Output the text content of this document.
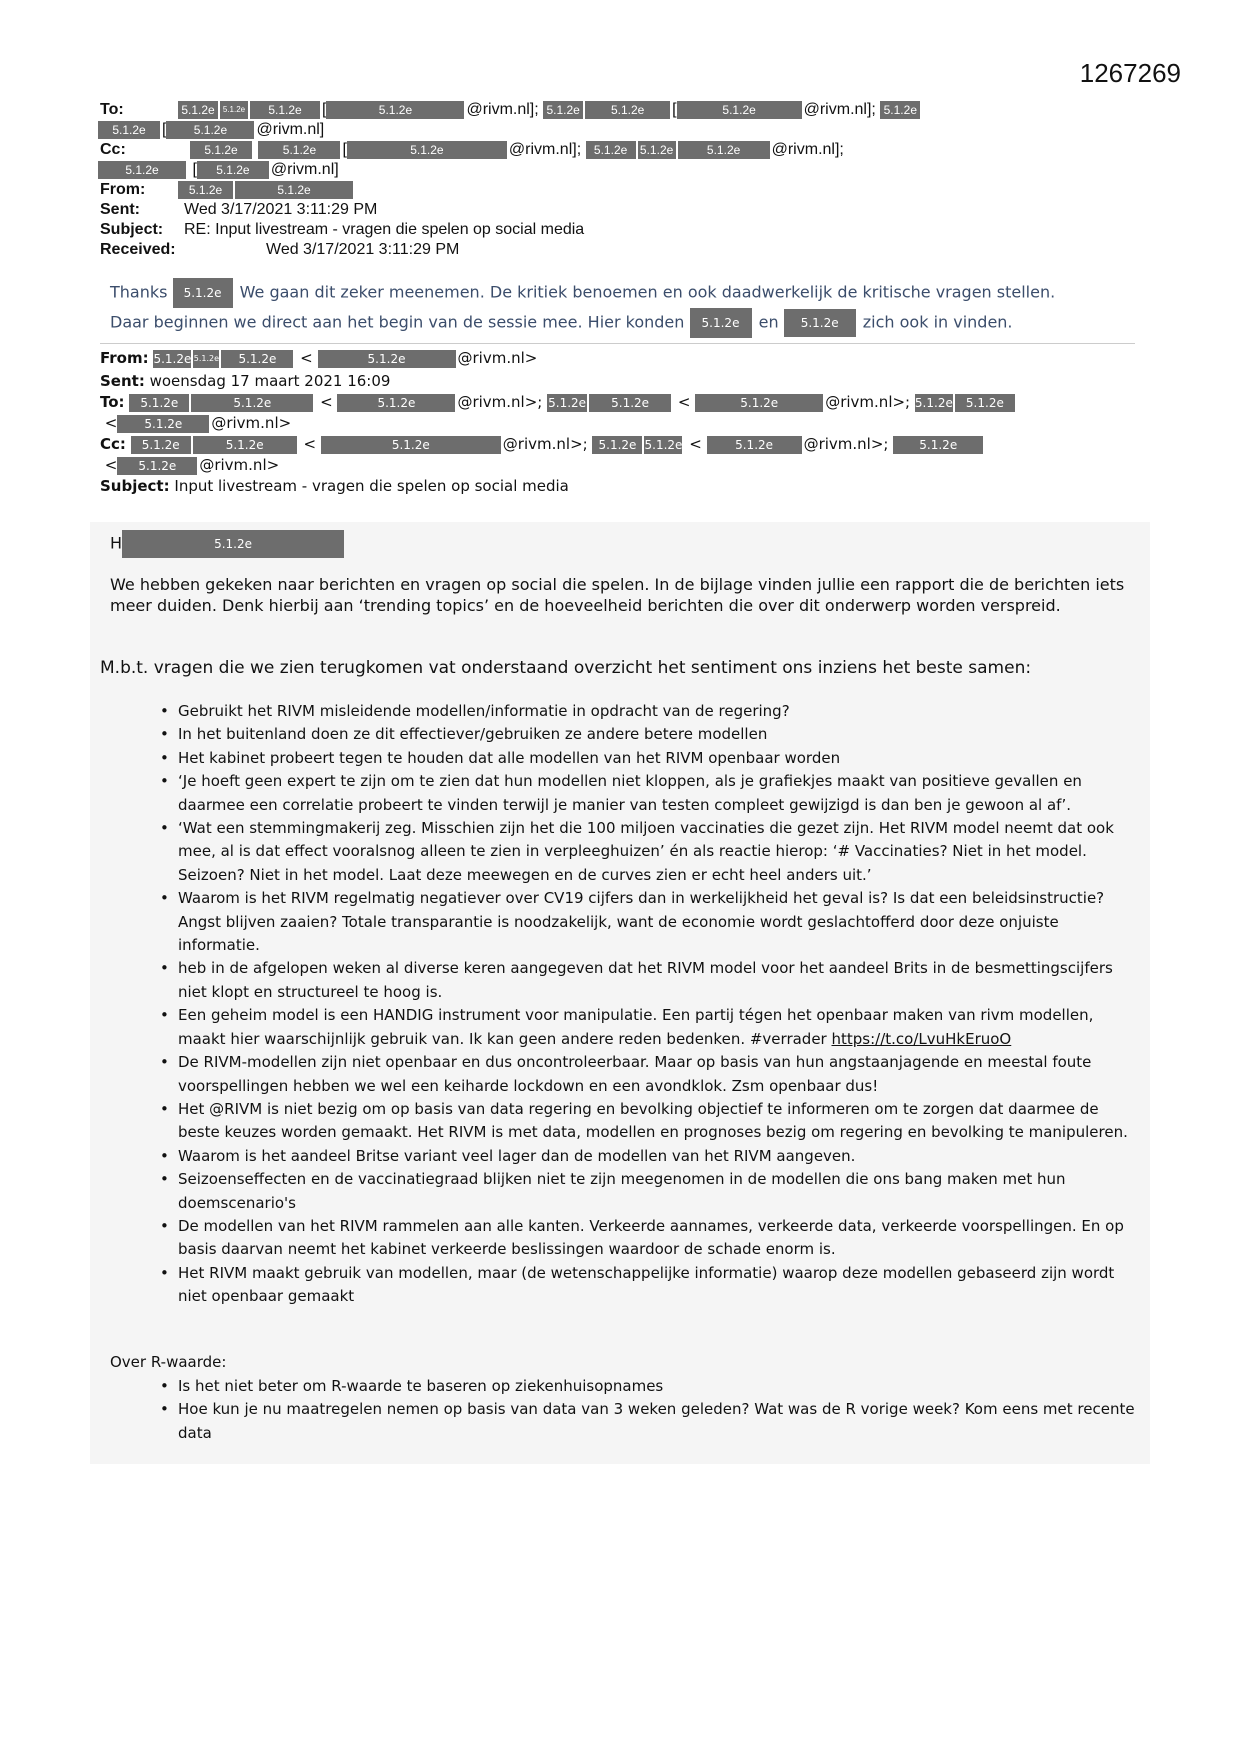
1267269
To:	5.1.2e 5.1.2e 5.1.2e [	5.1.2e	@rivm.nl]; 5.1.2e	5.1.2e [	5.1.2e	@rivm.nl]; 5.1.2e
5.1.2e [ 5.1.2e @rivm.nl]
Cc:	5.1.2e	5.1.2e [	5.1.2e	@rivm.nl]; 5.1.2e 5.1.2e	5.1.2e @rivm.nl];
5.1.2e [ 5.1.2e @rivm.nl]
From:	5.1.2e	5.1.2e
Sent:	Wed 3/17/2021 3:11:29 PM
Subject: RE: Input livestream - vragen die spelen op social media
Received:	Wed 3/17/2021 3:11:29 PM
Thanks 5.1.2e We gaan dit zeker meenemen. De kritiek benoemen en ook daadwerkelijk de kritische vragen stellen.
Daar beginnen we direct aan het begin van de sessie mee. Hier konden 5.1.2e en 5.1.2e zich ook in vinden.
From: 5.1.2e 5.1.2e 5.1.2e <	5.1.2e	@rivm.nl>
Sent: woensdag 17 maart 2021 16:09
To: 5.1.2e	5.1.2e	<	5.1.2e	@rivm.nl>; 5.1.2e 5.1.2e <	5.1.2e	@rivm.nl>; 5.1.2e 5.1.2e
< 5.1.2e @rivm.nl>
Cc: 5.1.2e	5.1.2e <	5.1.2e	@rivm.nl>; 5.1.2e 5.1.2e < 5.1.2e @rivm.nl>;	5.1.2e
< 5.1.2e @rivm.nl>
Subject: Input livestream - vragen die spelen op social media
H	5.1.2e
We hebben gekeken naar berichten en vragen op social die spelen. In de bijlage vinden jullie een rapport die de berichten iets meer duiden. Denk hierbij aan ‘trending topics’ en de hoeveelheid berichten die over dit onderwerp worden verspreid.
M.b.t. vragen die we zien terugkomen vat onderstaand overzicht het sentiment ons inziens het beste samen:
• Gebruikt het RIVM misleidende modellen/informatie in opdracht van de regering?
• In het buitenland doen ze dit effectiever/gebruiken ze andere betere modellen
• Het kabinet probeert tegen te houden dat alle modellen van het RIVM openbaar worden
• ‘Je hoeft geen expert te zijn om te zien dat hun modellen niet kloppen, als je grafiekjes maakt van positieve gevallen en daarmee een correlatie probeert te vinden terwijl je manier van testen compleet gewijzigd is dan ben je gewoon al af’.
• ‘Wat een stemmingmakerij zeg. Misschien zijn het die 100 miljoen vaccinaties die gezet zijn. Het RIVM model neemt dat ook mee, al is dat effect vooralsnog alleen te zien in verpleeghuizen’ én als reactie hierop: ‘# Vaccinaties? Niet in het model. Seizoen? Niet in het model. Laat deze meewegen en de curves zien er echt heel anders uit.’
• Waarom is het RIVM regelmatig negatiever over CV19 cijfers dan in werkelijkheid het geval is? Is dat een beleidsinstructie? Angst blijven zaaien? Totale transparantie is noodzakelijk, want de economie wordt geslachtofferd door deze onjuiste informatie.
• heb in de afgelopen weken al diverse keren aangegeven dat het RIVM model voor het aandeel Brits in de besmettingscijfers niet klopt en structureel te hoog is.
• Een geheim model is een HANDIG instrument voor manipulatie. Een partij tégen het openbaar maken van rivm modellen, maakt hier waarschijnlijk gebruik van. Ik kan geen andere reden bedenken. #verrader https://t.co/LvuHkEruoO
• De RIVM-modellen zijn niet openbaar en dus oncontroleerbaar. Maar op basis van hun angstaanjagende en meestal foute voorspellingen hebben we wel een keiharde lockdown en een avondklok. Zsm openbaar dus!
• Het @RIVM is niet bezig om op basis van data regering en bevolking objectief te informeren om te zorgen dat daarmee de beste keuzes worden gemaakt. Het RIVM is met data, modellen en prognoses bezig om regering en bevolking te manipuleren.
• Waarom is het aandeel Britse variant veel lager dan de modellen van het RIVM aangeven.
• Seizoenseffecten en de vaccinatiegraad blijken niet te zijn meegenomen in de modellen die ons bang maken met hun doemscenario's
• De modellen van het RIVM rammelen aan alle kanten. Verkeerde aannames, verkeerde data, verkeerde voorspellingen. En op basis daarvan neemt het kabinet verkeerde beslissingen waardoor de schade enorm is.
• Het RIVM maakt gebruik van modellen, maar (de wetenschappelijke informatie) waarop deze modellen gebaseerd zijn wordt niet openbaar gemaakt
Over R-waarde:
• Is het niet beter om R-waarde te baseren op ziekenhuisopnames
• Hoe kun je nu maatregelen nemen op basis van data van 3 weken geleden? Wat was de R vorige week? Kom eens met recente data
